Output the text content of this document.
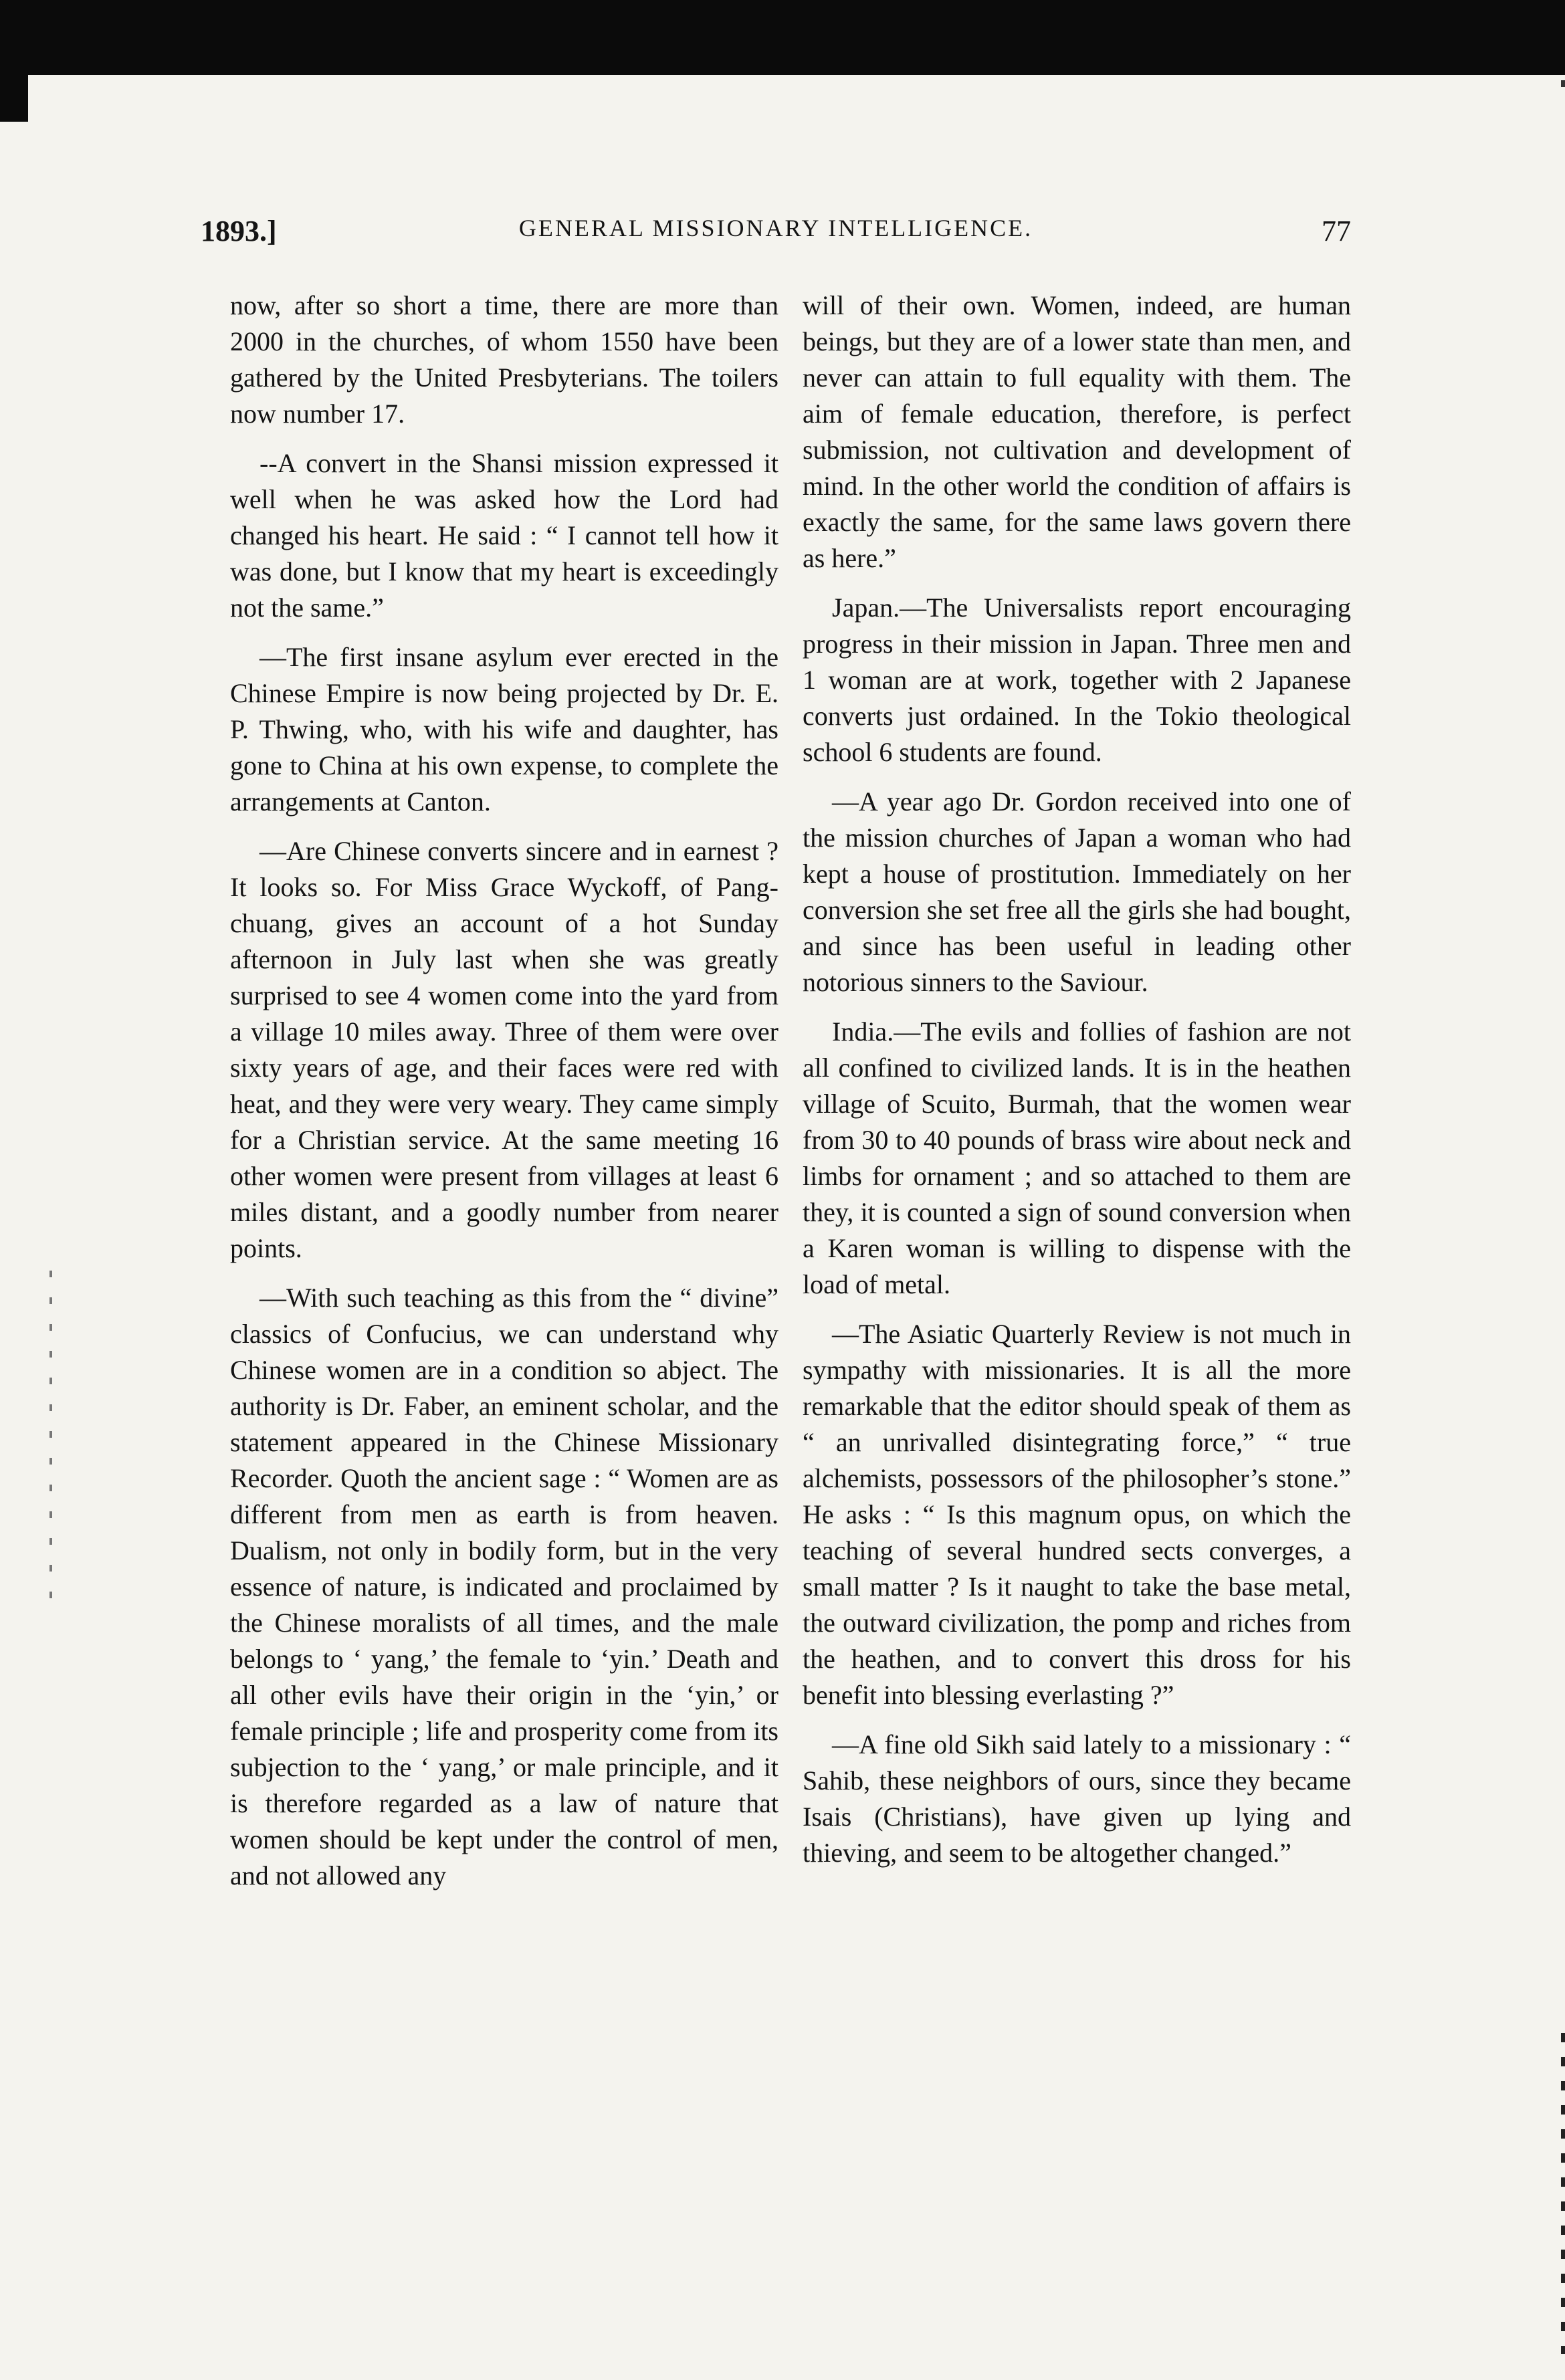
1893.]	GENERAL MISSIONARY INTELLIGENCE.	77

now, after so short a time, there are more than 2000 in the churches, of whom 1550 have been gathered by the United Presbyterians. The toilers now number 17.

--A convert in the Shansi mission expressed it well when he was asked how the Lord had changed his heart. He said : “ I cannot tell how it was done, but I know that my heart is exceedingly not the same.”

—The first insane asylum ever erected in the Chinese Empire is now being projected by Dr. E. P. Thwing, who, with his wife and daughter, has gone to China at his own expense, to complete the arrangements at Canton.

—Are Chinese converts sincere and in earnest ? It looks so. For Miss Grace Wyckoff, of Pang-chuang, gives an account of a hot Sunday afternoon in July last when she was greatly surprised to see 4 women come into the yard from a village 10 miles away. Three of them were over sixty years of age, and their faces were red with heat, and they were very weary. They came simply for a Christian service. At the same meeting 16 other women were present from villages at least 6 miles distant, and a goodly number from nearer points.

—With such teaching as this from the “ divine” classics of Confucius, we can understand why Chinese women are in a condition so abject. The authority is Dr. Faber, an eminent scholar, and the statement appeared in the Chinese Missionary Recorder. Quoth the ancient sage : “ Women are as different from men as earth is from heaven. Dualism, not only in bodily form, but in the very essence of nature, is indicated and proclaimed by the Chinese moralists of all times, and the male belongs to ‘ yang,’ the female to ‘yin.’ Death and all other evils have their origin in the ‘yin,’ or female principle ; life and prosperity come from its subjection to the ‘ yang,’ or male principle, and it is therefore regarded as a law of nature that women should be kept under the control of men, and not allowed any

will of their own. Women, indeed, are human beings, but they are of a lower state than men, and never can attain to full equality with them. The aim of female education, therefore, is perfect submission, not cultivation and development of mind. In the other world the condition of affairs is exactly the same, for the same laws govern there as here.”

Japan.—The Universalists report encouraging progress in their mission in Japan. Three men and 1 woman are at work, together with 2 Japanese converts just ordained. In the Tokio theological school 6 students are found.

—A year ago Dr. Gordon received into one of the mission churches of Japan a woman who had kept a house of prostitution. Immediately on her conversion she set free all the girls she had bought, and since has been useful in leading other notorious sinners to the Saviour.

India.—The evils and follies of fashion are not all confined to civilized lands. It is in the heathen village of Scuito, Burmah, that the women wear from 30 to 40 pounds of brass wire about neck and limbs for ornament ; and so attached to them are they, it is counted a sign of sound conversion when a Karen woman is willing to dispense with the load of metal.

—The Asiatic Quarterly Review is not much in sympathy with missionaries. It is all the more remarkable that the editor should speak of them as “ an unrivalled disintegrating force,” “ true alchemists, possessors of the philosopher’s stone.” He asks : “ Is this magnum opus, on which the teaching of several hundred sects converges, a small matter ? Is it naught to take the base metal, the outward civilization, the pomp and riches from the heathen, and to convert this dross for his benefit into blessing everlasting ?”

—A fine old Sikh said lately to a missionary : “ Sahib, these neighbors of ours, since they became Isais (Christians), have given up lying and thieving, and seem to be altogether changed.”
